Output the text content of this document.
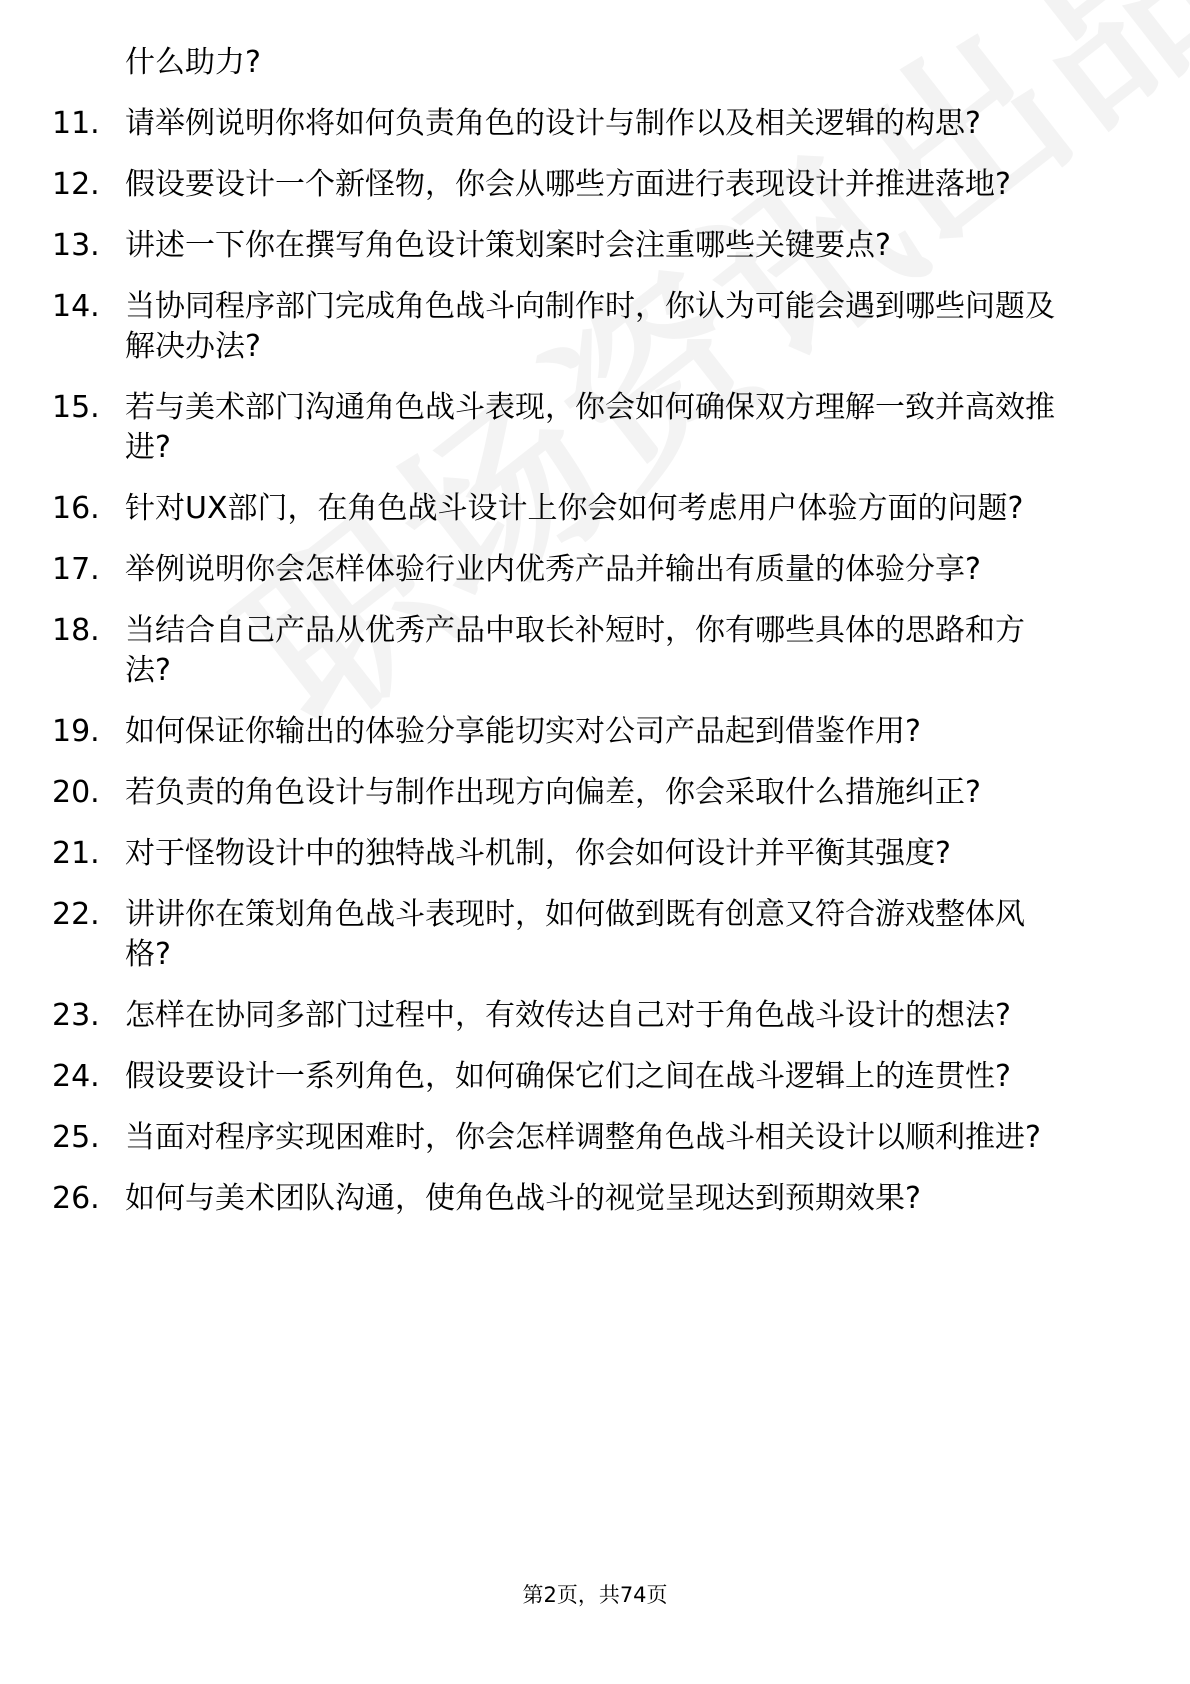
什么助力?
11. 请举例说明你将如何负责角色的设计与制作以及相关逻辑的构思?
12. 假设要设计一个新怪物，你会从哪些方面进行表现设计并推进落地?
13. 讲述一下你在撰写角色设计策划案时会注重哪些关键要点?
14. 当协同程序部门完成角色战斗向制作时，你认为可能会遇到哪些问题及解决办法?
15. 若与美术部门沟通角色战斗表现，你会如何确保双方理解一致并高效推进?
16. 针对UX部门，在角色战斗设计上你会如何考虑用户体验方面的问题?
17. 举例说明你会怎样体验行业内优秀产品并输出有质量的体验分享?
18. 当结合自己产品从优秀产品中取长补短时，你有哪些具体的思路和方法?
19. 如何保证你输出的体验分享能切实对公司产品起到借鉴作用?
20. 若负责的角色设计与制作出现方向偏差，你会采取什么措施纠正?
21. 对于怪物设计中的独特战斗机制，你会如何设计并平衡其强度?
22. 讲讲你在策划角色战斗表现时，如何做到既有创意又符合游戏整体风格?
23. 怎样在协同多部门过程中，有效传达自己对于角色战斗设计的想法?
24. 假设要设计一系列角色，如何确保它们之间在战斗逻辑上的连贯性?
25. 当面对程序实现困难时，你会怎样调整角色战斗相关设计以顺利推进?
26. 如何与美术团队沟通，使角色战斗的视觉呈现达到预期效果?
第2页，共74页
